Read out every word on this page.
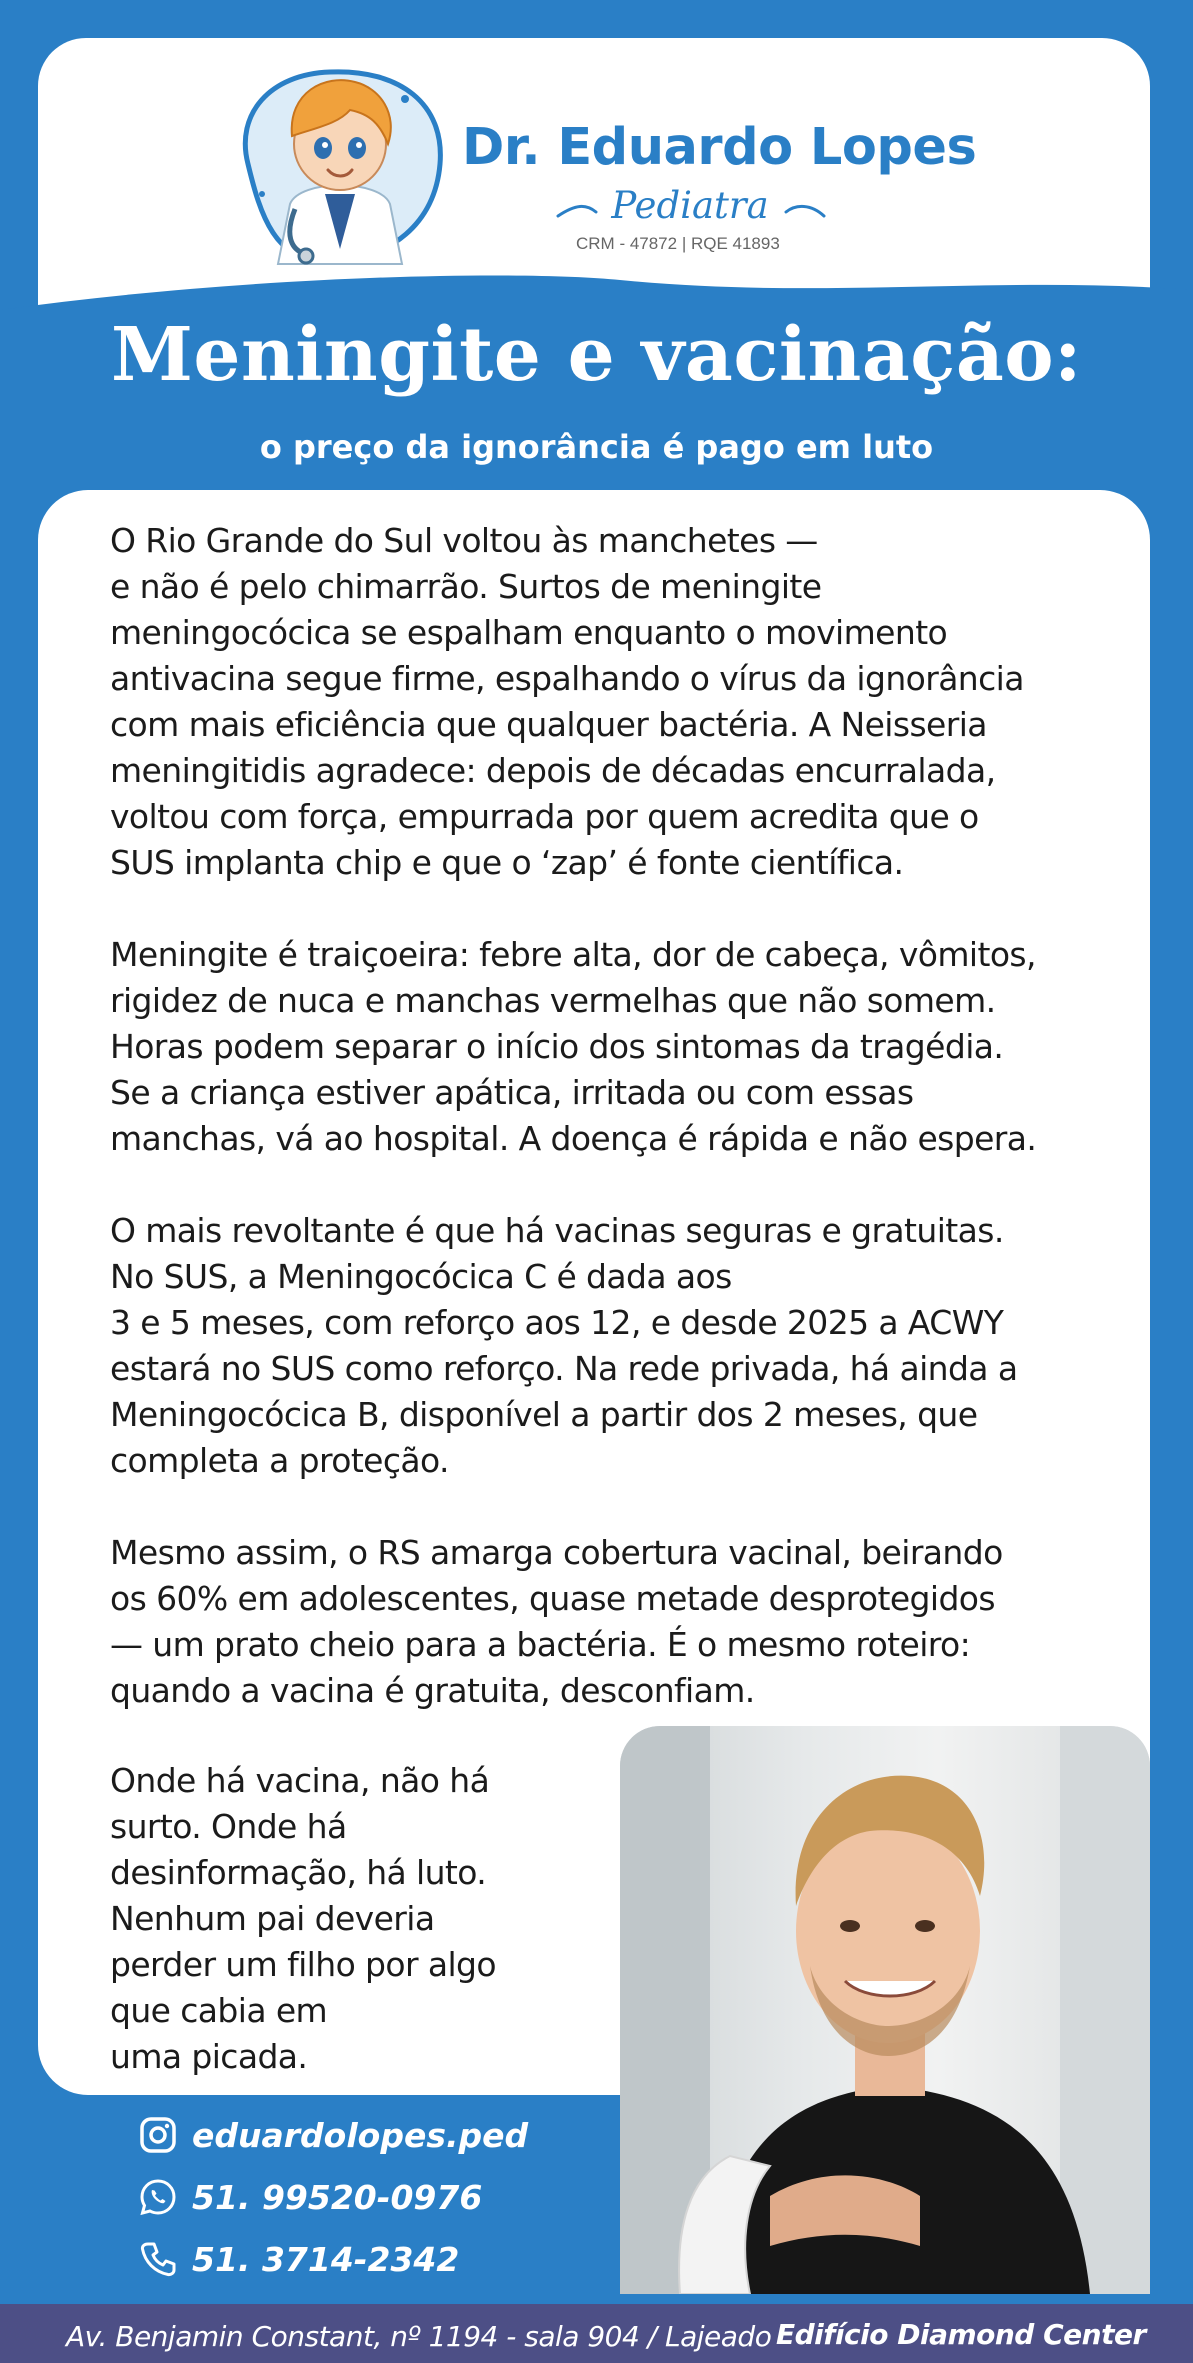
Dr. Eduardo Lopes
Pediatra
CRM - 47872 | RQE 41893
Meningite e vacinação:
o preço da ignorância é pago em luto

O Rio Grande do Sul voltou às manchetes —
e não é pelo chimarrão. Surtos de meningite
meningocócica se espalham enquanto o movimento
antivacina segue firme, espalhando o vírus da ignorância
com mais eficiência que qualquer bactéria. A Neisseria
meningitidis agradece: depois de décadas encurralada,
voltou com força, empurrada por quem acredita que o
SUS implanta chip e que o ‘zap’ é fonte científica.

Meningite é traiçoeira: febre alta, dor de cabeça, vômitos,
rigidez de nuca e manchas vermelhas que não somem.
Horas podem separar o início dos sintomas da tragédia.
Se a criança estiver apática, irritada ou com essas
manchas, vá ao hospital. A doença é rápida e não espera.

O mais revoltante é que há vacinas seguras e gratuitas.
No SUS, a Meningocócica C é dada aos
3 e 5 meses, com reforço aos 12, e desde 2025 a ACWY
estará no SUS como reforço. Na rede privada, há ainda a
Meningocócica B, disponível a partir dos 2 meses, que
completa a proteção.

Mesmo assim, o RS amarga cobertura vacinal, beirando
os 60% em adolescentes, quase metade desprotegidos
— um prato cheio para a bactéria. É o mesmo roteiro:
quando a vacina é gratuita, desconfiam.

Onde há vacina, não há
surto. Onde há
desinformação, há luto.
Nenhum pai deveria
perder um filho por algo
que cabia em
uma picada.
eduardolopes.ped
51. 99520-0976
51. 3714-2342
Av. Benjamin Constant, nº 1194 - sala 904 / Lajeado Edifício Diamond Center
